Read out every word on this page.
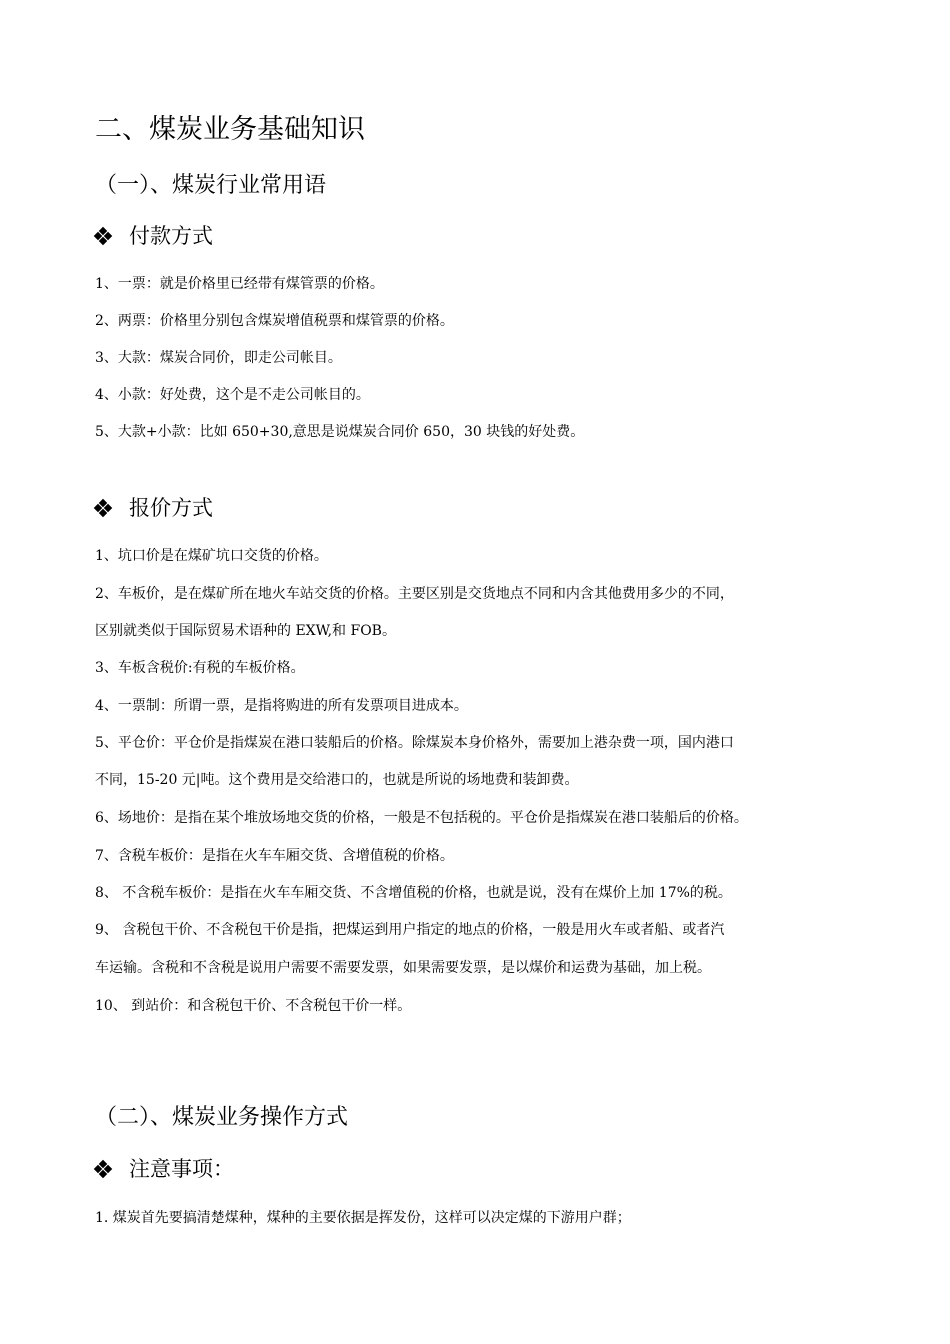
二、煤炭业务基础知识
（一）、煤炭行业常用语
付款方式
1、一票：就是价格里已经带有煤管票的价格。
2、两票：价格里分别包含煤炭增值税票和煤管票的价格。
3、大款：煤炭合同价，即走公司帐目。
4、小款：好处费，这个是不走公司帐目的。
5、大款+小款：比如 650+30,意思是说煤炭合同价 650，30 块钱的好处费。
报价方式
1、坑口价是在煤矿坑口交货的价格。
2、车板价，是在煤矿所在地火车站交货的价格。主要区别是交货地点不同和内含其他费用多少的不同，
区别就类似于国际贸易术语种的 EXW,和 FOB。
3、车板含税价:有税的车板价格。
4、一票制：所谓一票，是指将购进的所有发票项目进成本。
5、平仓价：平仓价是指煤炭在港口装船后的价格。除煤炭本身价格外，需要加上港杂费一项，国内港口
不同，15-20 元|吨。这个费用是交给港口的，也就是所说的场地费和装卸费。
6、场地价：是指在某个堆放场地交货的价格，一般是不包括税的。平仓价是指煤炭在港口装船后的价格。
7、含税车板价：是指在火车车厢交货、含增值税的价格。
8、 不含税车板价：是指在火车车厢交货、不含增值税的价格，也就是说，没有在煤价上加 17%的税。
9、 含税包干价、不含税包干价是指，把煤运到用户指定的地点的价格，一般是用火车或者船、或者汽
车运输。含税和不含税是说用户需要不需要发票，如果需要发票，是以煤价和运费为基础，加上税。
10、 到站价：和含税包干价、不含税包干价一样。
（二）、煤炭业务操作方式
注意事项：
1. 煤炭首先要搞清楚煤种，煤种的主要依据是挥发份，这样可以决定煤的下游用户群；
